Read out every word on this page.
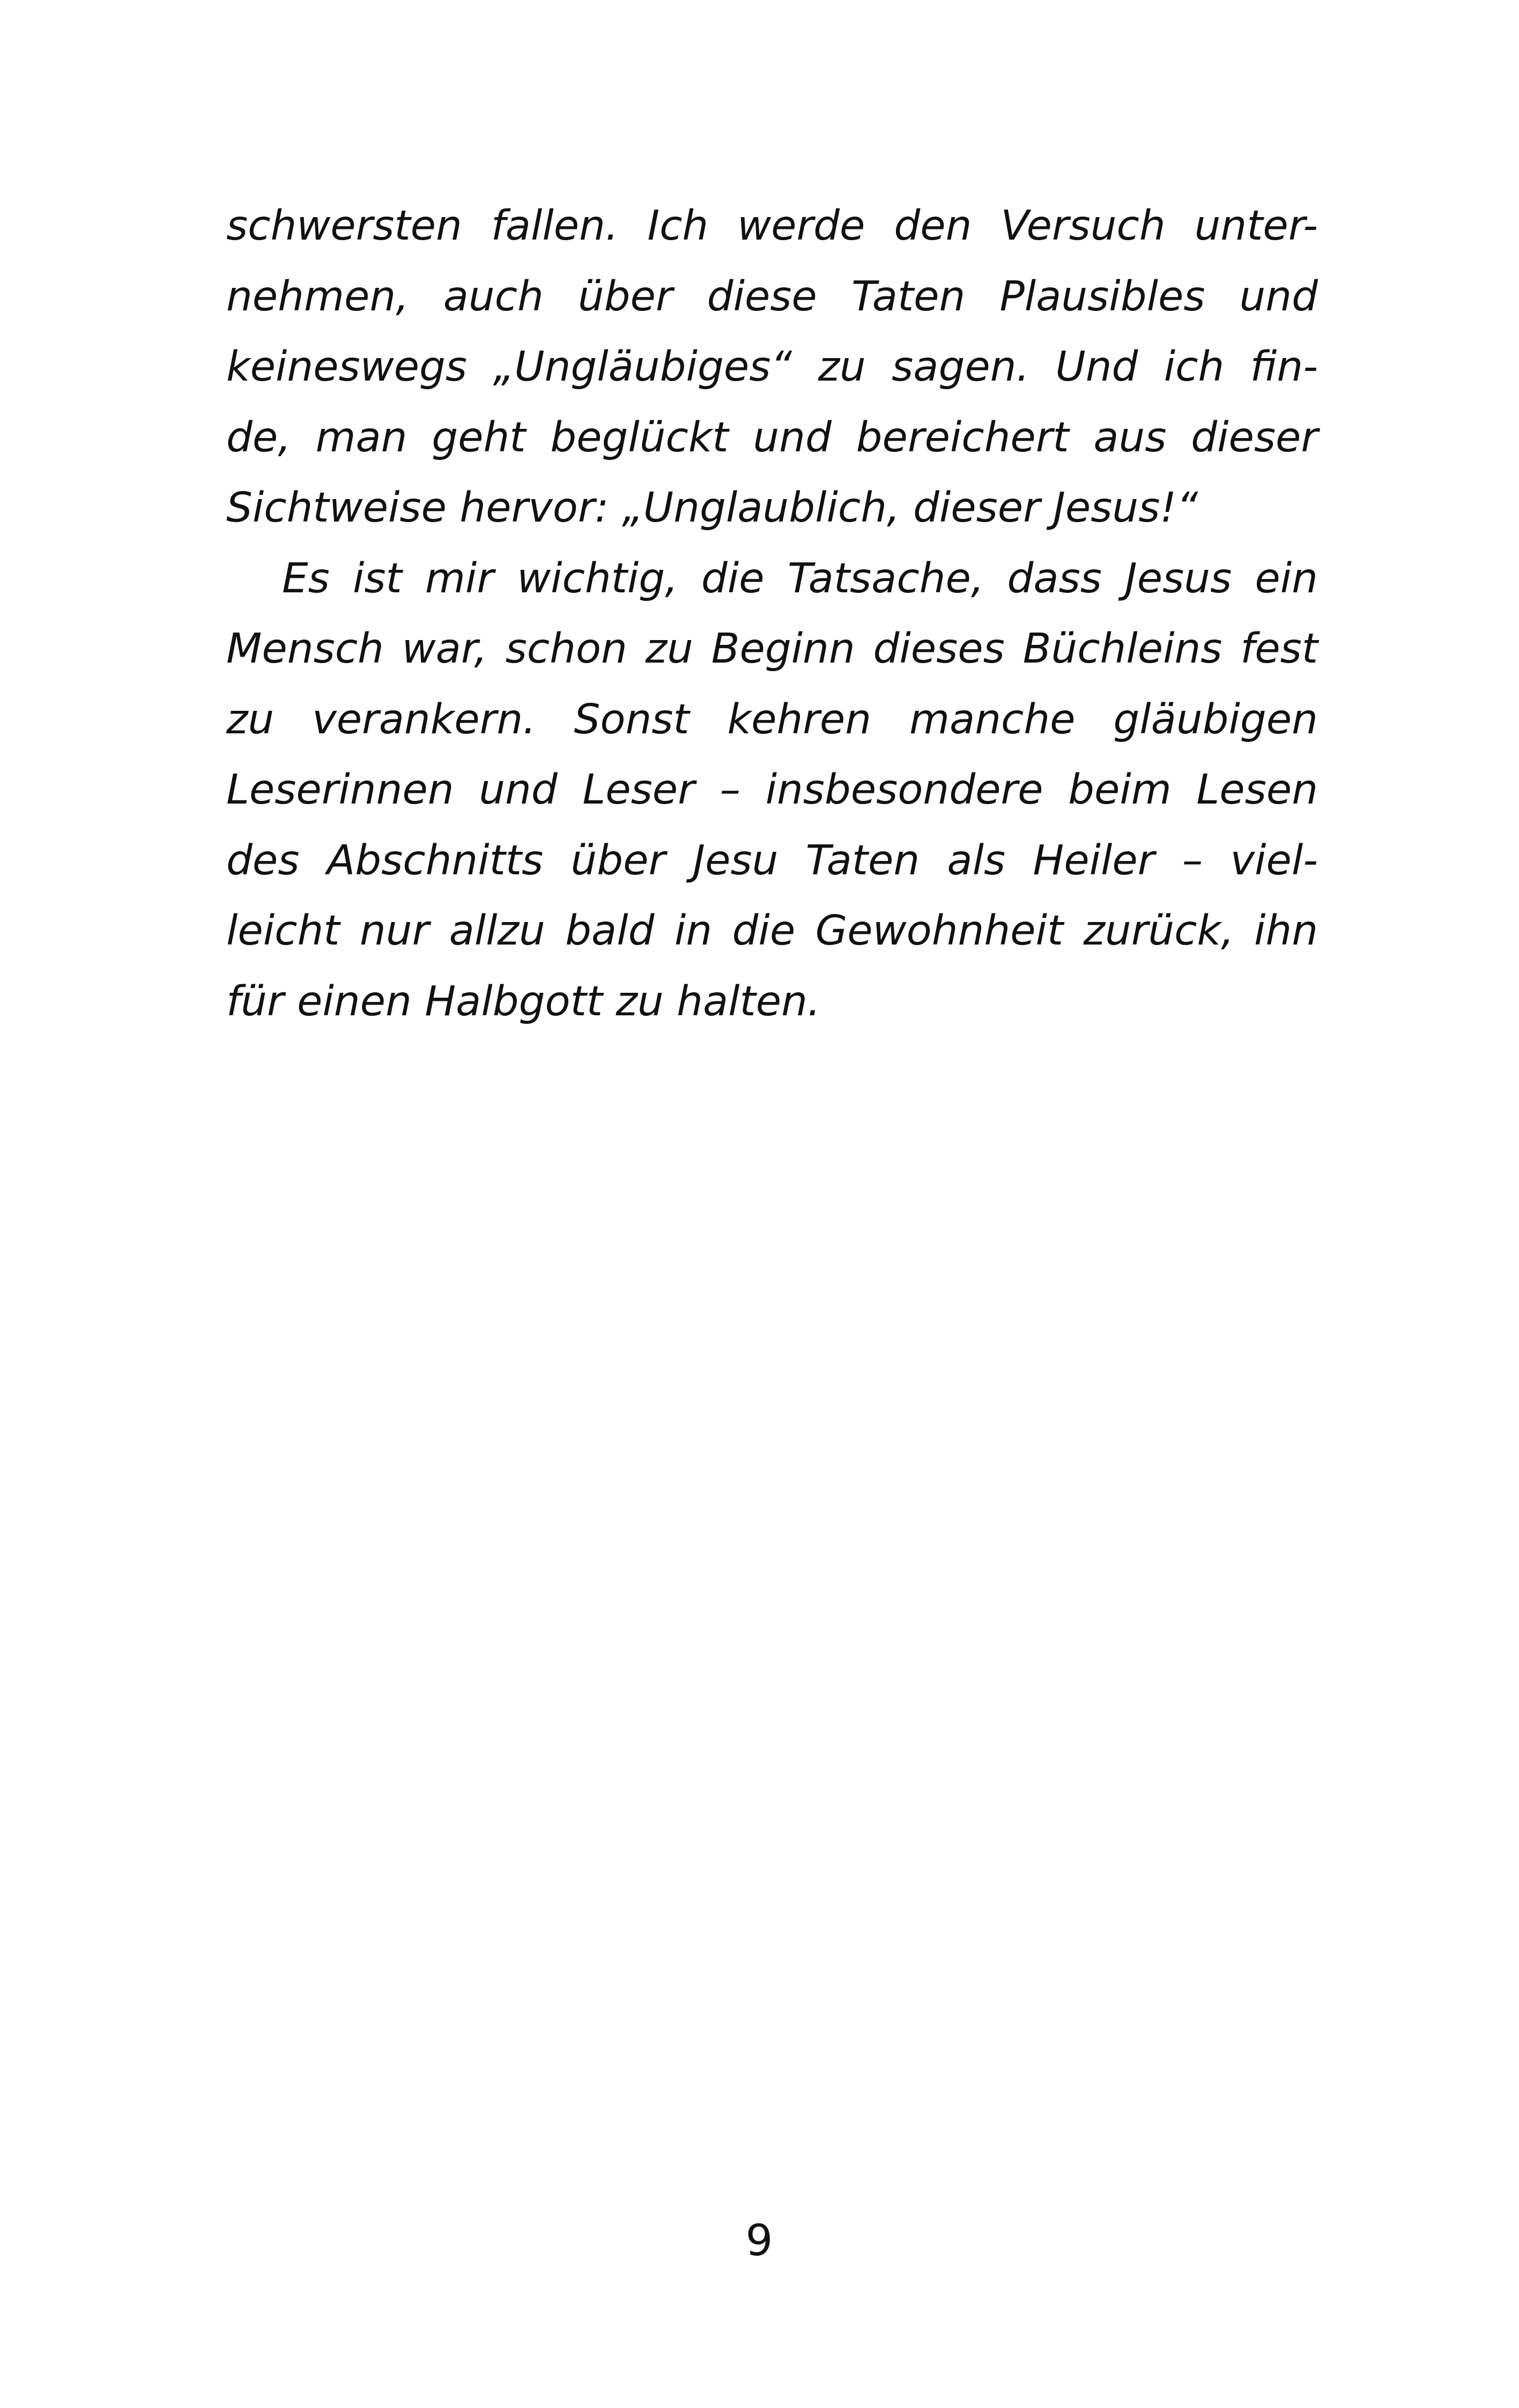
schwersten fallen. Ich werde den Versuch unter-
nehmen, auch über diese Taten Plausibles und
keineswegs „Ungläubiges“ zu sagen. Und ich fin-
de, man geht beglückt und bereichert aus dieser
Sichtweise hervor: „Unglaublich, dieser Jesus!“
Es ist mir wichtig, die Tatsache, dass Jesus ein
Mensch war, schon zu Beginn dieses Büchleins fest
zu verankern. Sonst kehren manche gläubigen
Leserinnen und Leser – insbesondere beim Lesen
des Abschnitts über Jesu Taten als Heiler – viel-
leicht nur allzu bald in die Gewohnheit zurück, ihn
für einen Halbgott zu halten.
9
